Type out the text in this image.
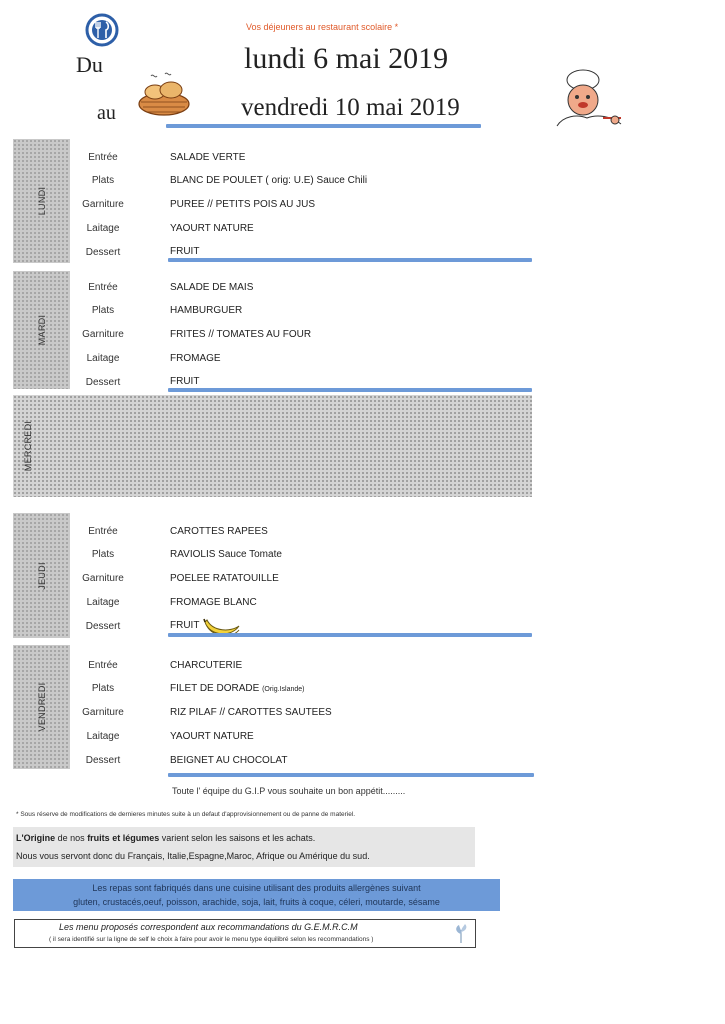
Vos déjeuners au restaurant scolaire *
Du
au
lundi 6 mai 2019
vendredi 10 mai 2019
LUNDI
Entrée
Plats
Garniture
Laitage
Dessert
SALADE VERTE
BLANC DE POULET ( orig: U.E) Sauce Chili
PUREE // PETITS POIS AU JUS
YAOURT NATURE
FRUIT
MARDI
Entrée
Plats
Garniture
Laitage
Dessert
SALADE DE MAIS
HAMBURGUER
FRITES // TOMATES AU FOUR
FROMAGE
FRUIT
MERCREDI
JEUDI
Entrée
Plats
Garniture
Laitage
Dessert
CAROTTES RAPEES
RAVIOLIS Sauce Tomate
POELEE RATATOUILLE
FROMAGE BLANC
FRUIT
VENDREDI
Entrée
Plats
Garniture
Laitage
Dessert
CHARCUTERIE
FILET DE DORADE (Orig.Islande)
RIZ PILAF // CAROTTES SAUTEES
YAOURT NATURE
BEIGNET AU CHOCOLAT
Toute l' équipe du G.I.P vous souhaite un bon appétit.........
* Sous réserve de modifications de dernieres minutes suite à un defaut d'approvisionnement ou de panne de materiel.
L'Origine de nos fruits et légumes varient selon les saisons et les achats.
Nous vous servont donc du Français, Italie,Espagne,Maroc, Afrique ou Amérique du sud.
Les repas sont fabriqués dans une cuisine utilisant des produits allergènes suivant
gluten, crustacés,oeuf, poisson, arachide, soja, lait, fruits à coque, céleri, moutarde, sésame
Les menu proposés correspondent aux recommandations du G.E.M.R.C.M
( il sera identifié sur la ligne de self le choix à faire pour avoir le menu type équilibré selon les recommandations )
